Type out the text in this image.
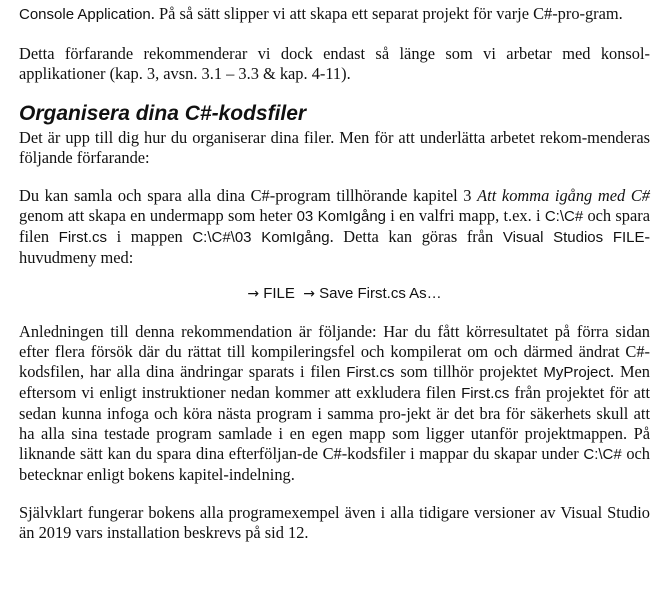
Console Application. På så sätt slipper vi att skapa ett separat projekt för varje C#-pro-gram.

Detta förfarande rekommenderar vi dock endast så länge som vi arbetar med konsol-applikationer (kap. 3, avsn. 3.1 – 3.3 & kap. 4-11).

Organisera dina C#-kodsfiler

Det är upp till dig hur du organiserar dina filer. Men för att underlätta arbetet rekom-menderas följande förfarande:

Du kan samla och spara alla dina C#-program tillhörande kapitel 3 Att komma igång med C# genom att skapa en undermapp som heter 03 KomIgång i en valfri mapp, t.ex. i C:\C# och spara filen First.cs i mappen C:\C#\03 KomIgång. Detta kan göras från Visual Studios FILE-huvudmeny med:

→ FILE → Save First.cs As…

Anledningen till denna rekommendation är följande: Har du fått körresultatet på förra sidan efter flera försök där du rättat till kompileringsfel och kompilerat om och därmed ändrat C#-kodsfilen, har alla dina ändringar sparats i filen First.cs som tillhör projektet MyProject. Men eftersom vi enligt instruktioner nedan kommer att exkludera filen First.cs från projektet för att sedan kunna infoga och köra nästa program i samma pro-jekt är det bra för säkerhets skull att ha alla sina testade program samlade i en egen mapp som ligger utanför projektmappen. På liknande sätt kan du spara dina efterföljan-de C#-kodsfiler i mappar du skapar under C:\C# och betecknar enligt bokens kapitel-indelning.

Självklart fungerar bokens alla programexempel även i alla tidigare versioner av Visual Studio än 2019 vars installation beskrevs på sid 12.
